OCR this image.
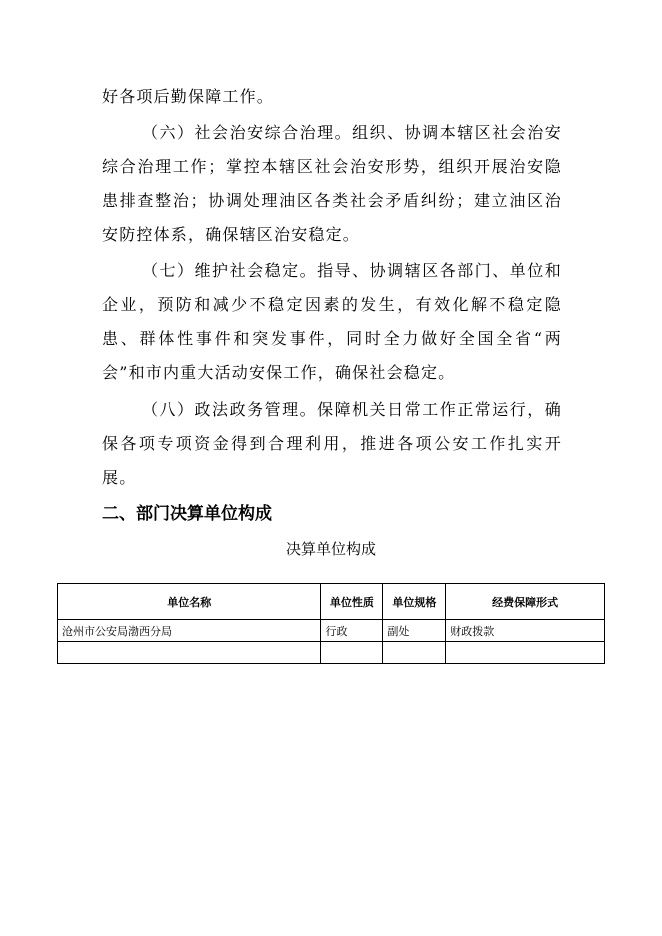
好各项后勤保障工作。

（六）社会治安综合治理。组织、协调本辖区社会治安综合治理工作；掌控本辖区社会治安形势，组织开展治安隐患排查整治；协调处理油区各类社会矛盾纠纷；建立油区治安防控体系，确保辖区治安稳定。

（七）维护社会稳定。指导、协调辖区各部门、单位和企业，预防和减少不稳定因素的发生，有效化解不稳定隐患、群体性事件和突发事件，同时全力做好全国全省“两会”和市内重大活动安保工作，确保社会稳定。

（八）政法政务管理。保障机关日常工作正常运行，确保各项专项资金得到合理利用，推进各项公安工作扎实开展。

二、部门决算单位构成
决算单位构成
单位名称	单位性质	单位规格	经费保障形式
沧州市公安局渤西分局	行政	副处	财政拨款
